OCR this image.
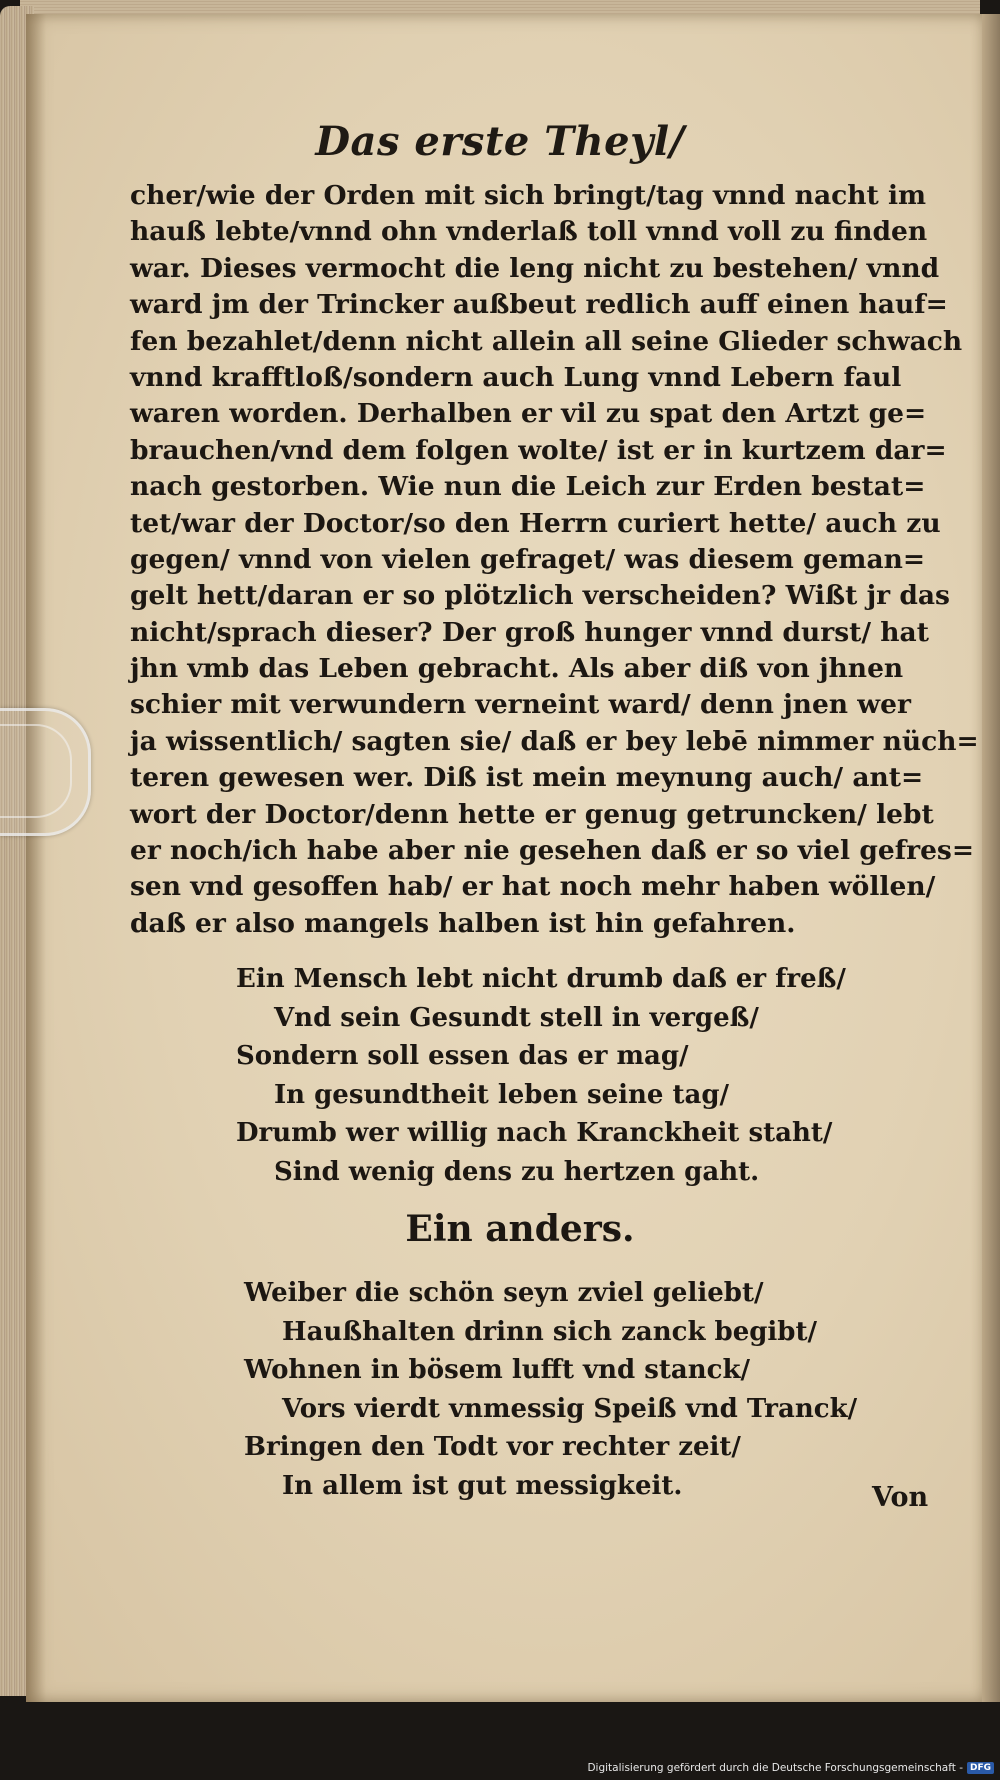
Das erste Theyl/
cher/wie der Orden mit sich bringt/tag vnnd nacht im
hauß lebte/vnnd ohn vnderlaß toll vnnd voll zu finden
war. Dieses vermocht die leng nicht zu bestehen/ vnnd
ward jm der Trincker außbeut redlich auff einen hauf=
fen bezahlet/denn nicht allein all seine Glieder schwach
vnnd krafftloß/sondern auch Lung vnnd Lebern faul
waren worden. Derhalben er vil zu spat den Artzt ge=
brauchen/vnd dem folgen wolte/ ist er in kurtzem dar=
nach gestorben. Wie nun die Leich zur Erden bestat=
tet/war der Doctor/so den Herrn curiert hette/ auch zu
gegen/ vnnd von vielen gefraget/ was diesem geman=
gelt hett/daran er so plötzlich verscheiden? Wißt jr das
nicht/sprach dieser? Der groß hunger vnnd durst/ hat
jhn vmb das Leben gebracht. Als aber diß von jhnen
schier mit verwundern verneint ward/ denn jnen wer
ja wissentlich/ sagten sie/ daß er bey lebē nimmer nüch=
teren gewesen wer. Diß ist mein meynung auch/ ant=
wort der Doctor/denn hette er genug getruncken/ lebt
er noch/ich habe aber nie gesehen daß er so viel gefres=
sen vnd gesoffen hab/ er hat noch mehr haben wöllen/
daß er also mangels halben ist hin gefahren.
Ein Mensch lebt nicht drumb daß er freß/
Vnd sein Gesundt stell in vergeß/
Sondern soll essen das er mag/
In gesundtheit leben seine tag/
Drumb wer willig nach Kranckheit staht/
Sind wenig dens zu hertzen gaht.
Ein anders.
Weiber die schön seyn zviel geliebt/
Haußhalten drinn sich zanck begibt/
Wohnen in bösem lufft vnd stanck/
Vors vierdt vnmessig Speiß vnd Tranck/
Bringen den Todt vor rechter zeit/
In allem ist gut messigkeit.	Von
Digitalisierung gefördert durch die Deutsche Forschungsgemeinschaft - DFG
